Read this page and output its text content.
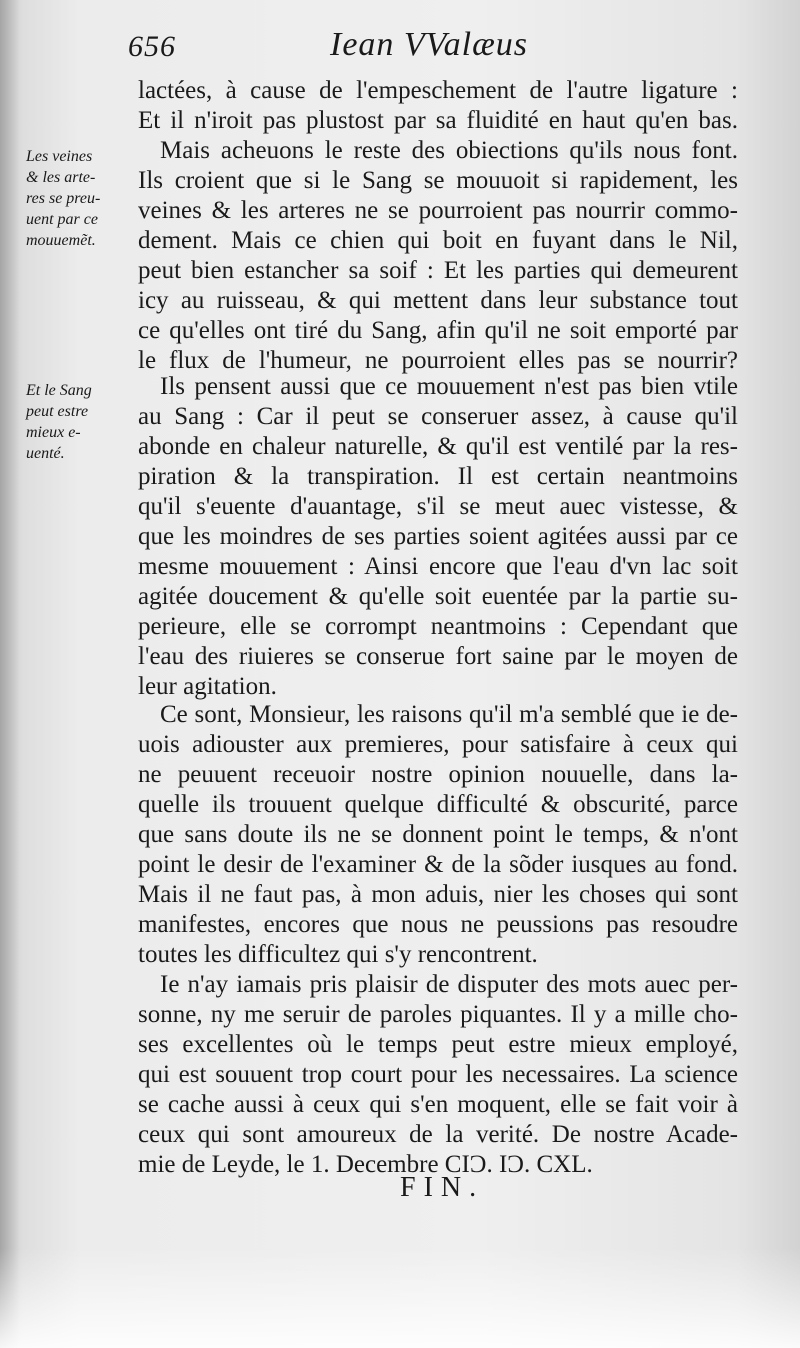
656	Iean VValæus
Les veines
& les arte-
res se preu-
uent par ce
mouuemẽt.
Et le Sang
peut estre
mieux e-
uenté.
lactées, à cause de l'empeschement de l'autre ligature :
Et il n'iroit pas plustost par sa fluidité en haut qu'en bas.
Mais acheuons le reste des obiections qu'ils nous font.
Ils croient que si le Sang se mouuoit si rapidement, les
veines & les arteres ne se pourroient pas nourrir commo-
dement. Mais ce chien qui boit en fuyant dans le Nil,
peut bien estancher sa soif : Et les parties qui demeurent
icy au ruisseau, & qui mettent dans leur substance tout
ce qu'elles ont tiré du Sang, afin qu'il ne soit emporté par
le flux de l'humeur, ne pourroient elles pas se nourrir?
Ils pensent aussi que ce mouuement n'est pas bien vtile
au Sang : Car il peut se conseruer assez, à cause qu'il
abonde en chaleur naturelle, & qu'il est ventilé par la res-
piration & la transpiration. Il est certain neantmoins
qu'il s'euente d'auantage, s'il se meut auec vistesse, &
que les moindres de ses parties soient agitées aussi par ce
mesme mouuement : Ainsi encore que l'eau d'vn lac soit
agitée doucement & qu'elle soit euentée par la partie su-
perieure, elle se corrompt neantmoins : Cependant que
l'eau des riuieres se conserue fort saine par le moyen de
leur agitation.
Ce sont, Monsieur, les raisons qu'il m'a semblé que ie de-
uois adiouster aux premieres, pour satisfaire à ceux qui
ne peuuent receuoir nostre opinion nouuelle, dans la-
quelle ils trouuent quelque difficulté & obscurité, parce
que sans doute ils ne se donnent point le temps, & n'ont
point le desir de l'examiner & de la sõder iusques au fond.
Mais il ne faut pas, à mon aduis, nier les choses qui sont
manifestes, encores que nous ne peussions pas resoudre
toutes les difficultez qui s'y rencontrent.
Ie n'ay iamais pris plaisir de disputer des mots auec per-
sonne, ny me seruir de paroles piquantes. Il y a mille cho-
ses excellentes où le temps peut estre mieux employé,
qui est souuent trop court pour les necessaires. La science
se cache aussi à ceux qui s'en moquent, elle se fait voir à
ceux qui sont amoureux de la verité. De nostre Acade-
mie de Leyde, le 1. Decembre CIƆ. IƆ. CXL.
FIN.
